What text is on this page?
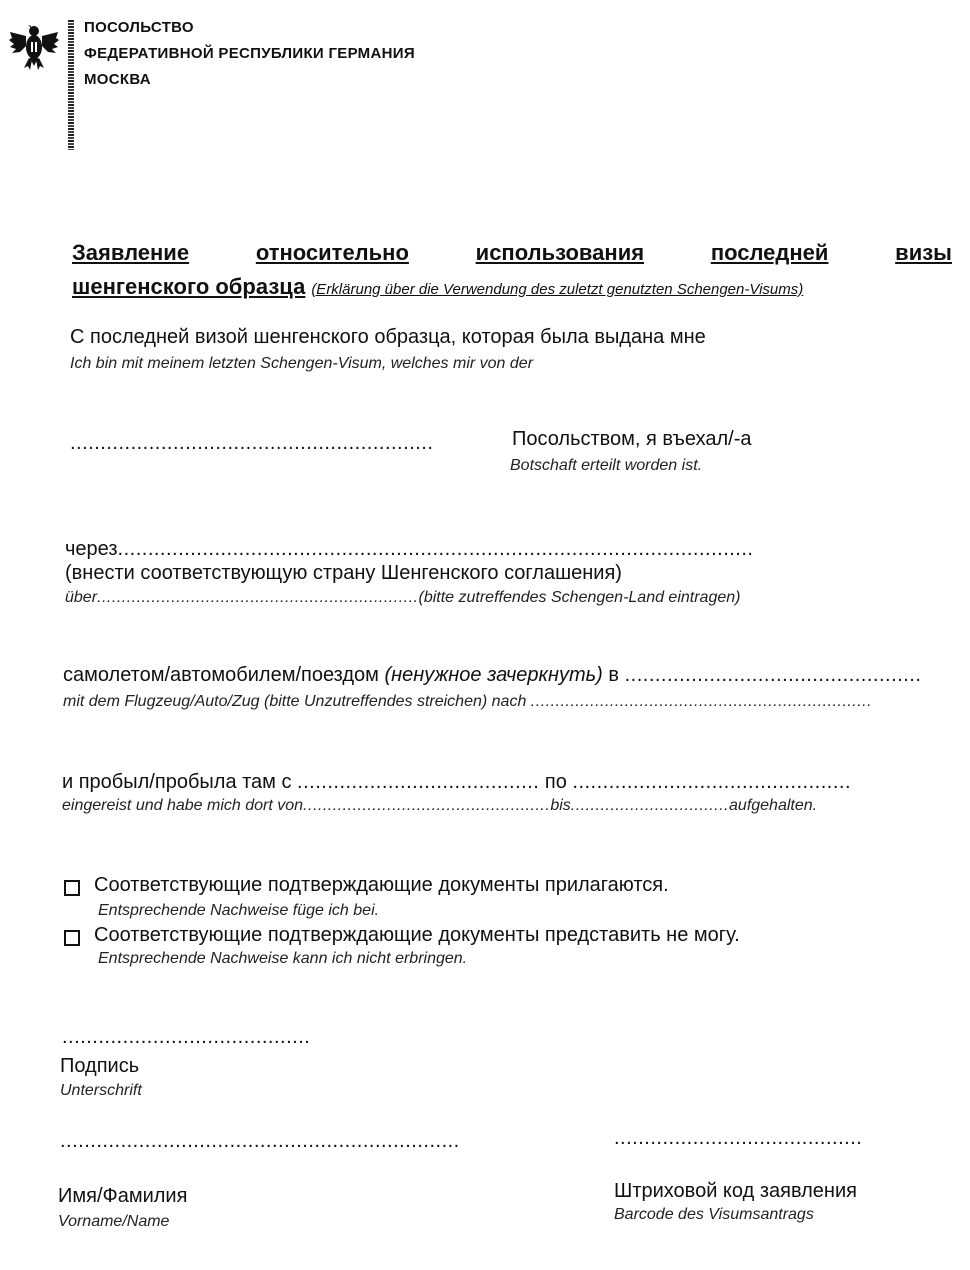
ПОСОЛЬСТВО
ФЕДЕРАТИВНОЙ РЕСПУБЛИКИ ГЕРМАНИЯ
МОСКВА
Заявление	относительно	использования	последней	визы
шенгенского образца (Erklärung über die Verwendung des zuletzt genutzten Schengen-Visums)
С последней визой шенгенского образца, которая была выдана мне
Ich bin mit meinem letzten Schengen-Visum, welches mir von der
............................................................	Посольством, я въехал/-а
Botschaft erteilt worden ist.
через.........................................................................................................
(внести соответствующую страну Шенгенского соглашения)
über.................................................................(bitte zutreffendes Schengen-Land eintragen)
самолетом/автомобилем/поездом (ненужное зачеркнуть) в .................................................
mit dem Flugzeug/Auto/Zug (bitte Unzutreffendes streichen) nach .....................................................................
и пробыл/пробыла там с ........................................ по ..............................................
eingereist und habe mich dort von..................................................bis................................aufgehalten.
Соответствующие подтверждающие документы прилагаются.
Entsprechende Nachweise füge ich bei.
Соответствующие подтверждающие документы представить не могу.
Entsprechende Nachweise kann ich nicht erbringen.
.........................................
Подпись
Unterschrift
..................................................................
Имя/Фамилия
Vorname/Name
.........................................
Штриховой код заявления
Barcode des Visumsantrags
